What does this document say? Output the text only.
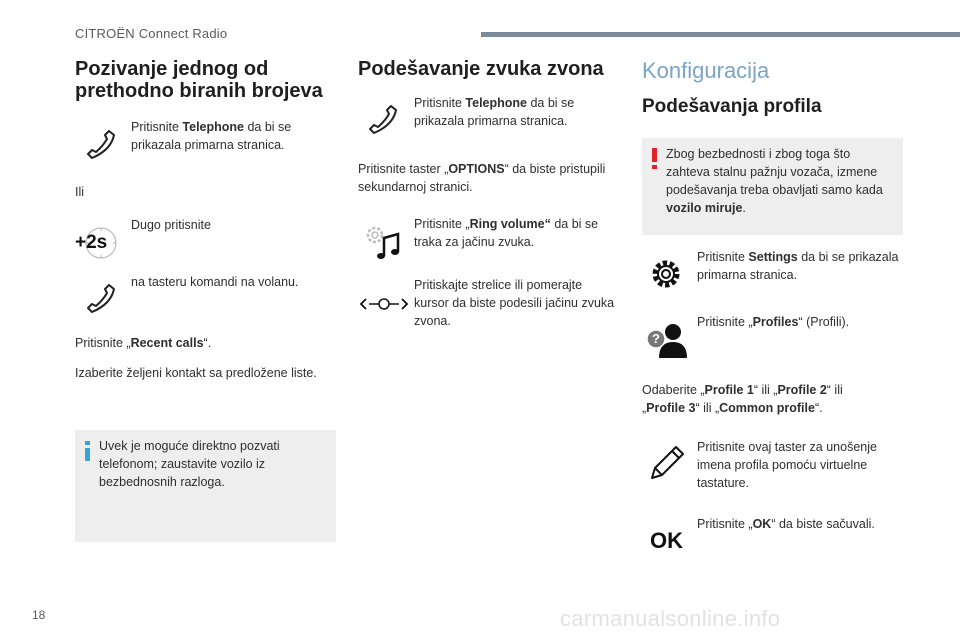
CITROËN Connect Radio
Pozivanje jednog od
prethodno biranih brojeva
Pritisnite Telephone da bi se
prikazala primarna stranica.
Ili
+2s
Dugo pritisnite
na tasteru komandi na volanu.
Pritisnite „Recent calls“.
Izaberite željeni kontakt sa predložene liste.
Uvek je moguće direktno pozvati
telefonom; zaustavite vozilo iz
bezbednosnih razloga.
Podešavanje zvuka zvona
Pritisnite Telephone da bi se
prikazala primarna stranica.
Pritisnite taster „OPTIONS“ da biste pristupili
sekundarnoj stranici.
Pritisnite „Ring volume“ da bi se
traka za jačinu zvuka.
Pritiskajte strelice ili pomerajte
kursor da biste podesili jačinu zvuka
zvona.
Konfiguracija
Podešavanja profila
Zbog bezbednosti i zbog toga što
zahteva stalnu pažnju vozača, izmene
podešavanja treba obavljati samo kada
vozilo miruje.
Pritisnite Settings da bi se prikazala
primarna stranica.
?
Pritisnite „Profiles“ (Profili).
Odaberite „Profile 1“ ili „Profile 2“ ili
„Profile 3“ ili „Common profile“.
Pritisnite ovaj taster za unošenje
imena profila pomoću virtuelne
tastature.
OK
Pritisnite „OK“ da biste sačuvali.
18	carmanualsonline.info
